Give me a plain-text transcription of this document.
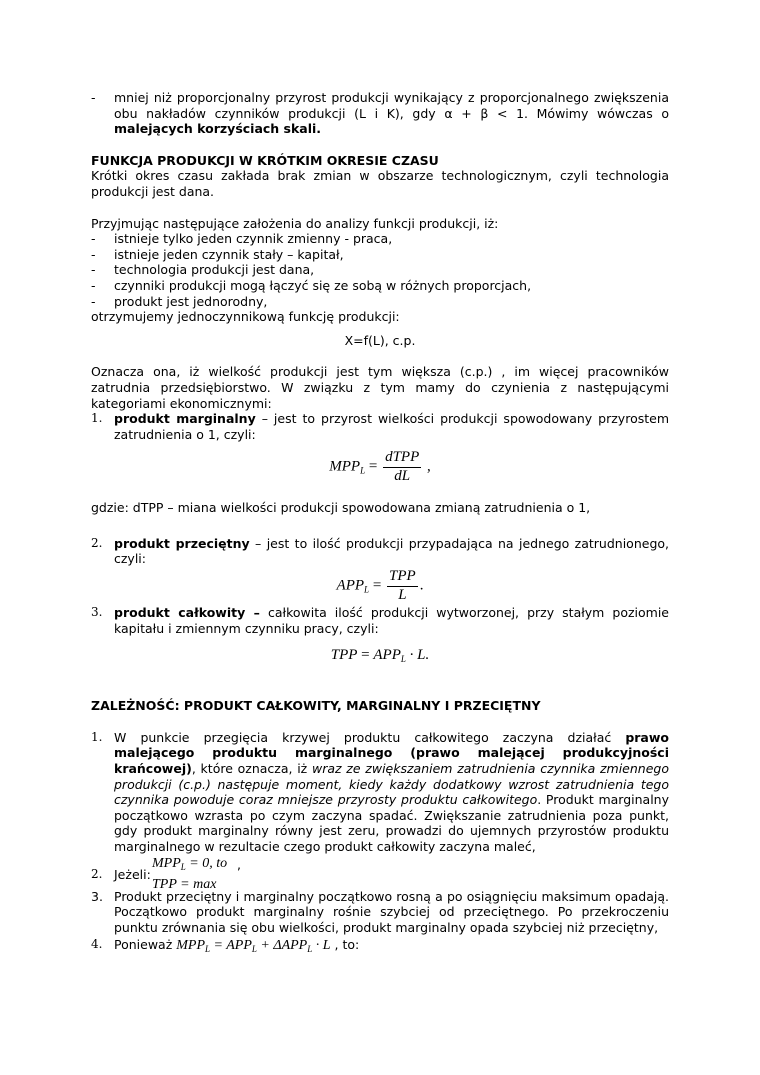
- mniej niż proporcjonalny przyrost produkcji wynikający z proporcjonalnego zwiększenia obu nakładów czynników produkcji (L i K), gdy α + β < 1. Mówimy wówczas o malejących korzyściach skali.
FUNKCJA PRODUKCJI W KRÓTKIM OKRESIE CZASU
Krótki okres czasu zakłada brak zmian w obszarze technologicznym, czyli technologia produkcji jest dana.
Przyjmując następujące założenia do analizy funkcji produkcji, iż:
- istnieje tylko jeden czynnik zmienny - praca,
- istnieje jeden czynnik stały – kapitał,
- technologia produkcji jest dana,
- czynniki produkcji mogą łączyć się ze sobą w różnych proporcjach,
- produkt jest jednorodny,
otrzymujemy jednoczynnikową funkcję produkcji:
X=f(L), c.p.
Oznacza ona, iż wielkość produkcji jest tym większa (c.p.) , im więcej pracowników zatrudnia przedsiębiorstwo. W związku z tym mamy do czynienia z następującymi kategoriami ekonomicznymi:
1. produkt marginalny – jest to przyrost wielkości produkcji spowodowany przyrostem zatrudnienia o 1, czyli:
$MPP_L = \frac{\text{dTPP}}{dL}$ ,
gdzie: dTPP – miana wielkości produkcji spowodowana zmianą zatrudnienia o 1,
2. produkt przeciętny – jest to ilość produkcji przypadająca na jednego zatrudnionego, czyli:
$APP_L = \frac{\text{TPP}}{L}$ .
3. produkt całkowity – całkowita ilość produkcji wytworzonej, przy stałym poziomie kapitału i zmiennym czynniku pracy, czyli:
TPP = $APP_L \cdot L$.
ZALEŻNOŚĆ: PRODUKT CAŁKOWITY, MARGINALNY I PRZECIĘTNY
1. W punkcie przegięcia krzywej produktu całkowitego zaczyna działać prawo malejącego produktu marginalnego (prawo malejącej produkcyjności krańcowej), które oznacza, iż wraz ze zwiększaniem zatrudnienia czynnika zmiennego produkcji (c.p.) następuje moment, kiedy każdy dodatkowy wzrost zatrudnienia tego czynnika powoduje coraz mniejsze przyrosty produktu całkowitego. Produkt marginalny początkowo wzrasta po czym zaczyna spadać. Zwiększanie zatrudnienia poza punkt, gdy produkt marginalny równy jest zeru, prowadzi do ujemnych przyrostów produktu marginalnego w rezultacie czego produkt całkowity zaczyna maleć,
2. Jeżeli:
$MPP_L = 0$, to
TPP = max
,
3. Produkt przeciętny i marginalny początkowo rosną a po osiągnięciu maksimum opadają. Początkowo produkt marginalny rośnie szybciej od przeciętnego. Po przekroczeniu punktu zrównania się obu wielkości, produkt marginalny opada szybciej niż przeciętny,
4. Ponieważ $MPP_L = APP_L + \Delta APP_L \cdot L$ , to:
